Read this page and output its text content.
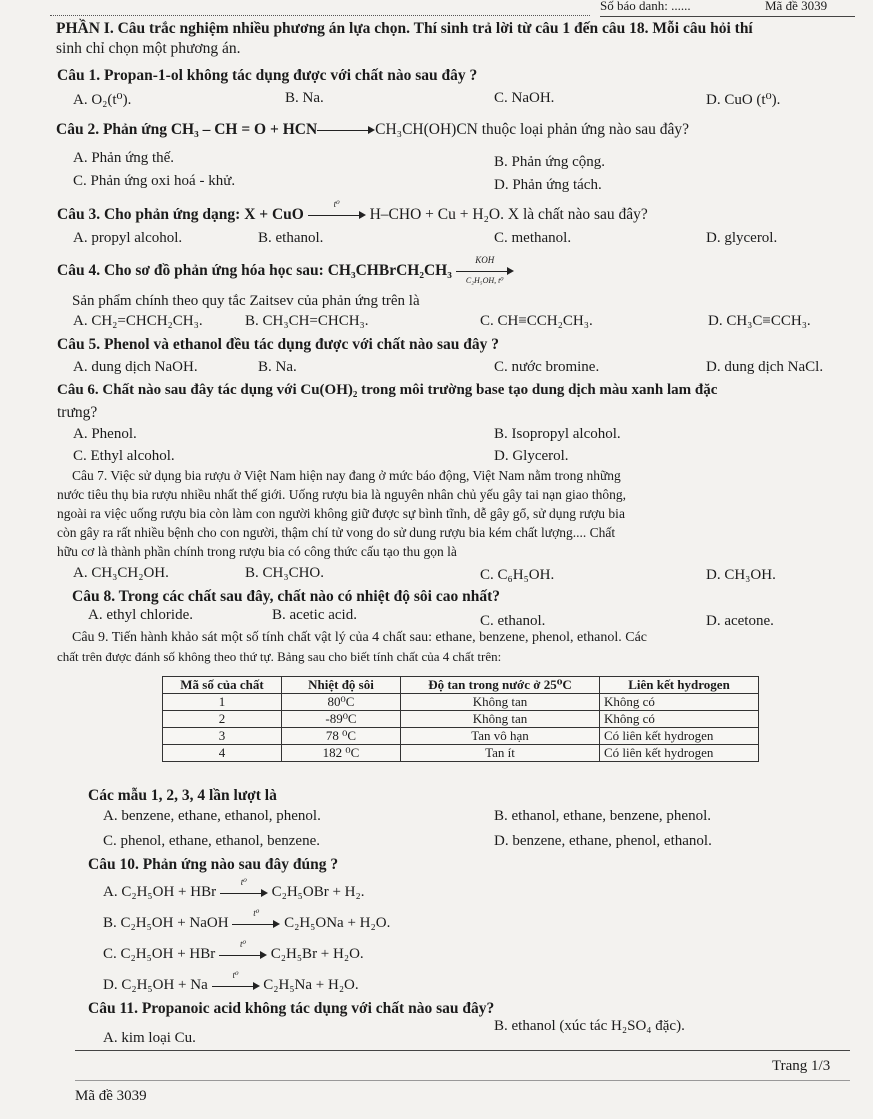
Số báo danh: ......	Mã đề 3039
PHẦN I. Câu trắc nghiệm nhiều phương án lựa chọn. Thí sinh trả lời từ câu 1 đến câu 18. Mỗi câu hỏi thí
sinh chỉ chọn một phương án.
Câu 1. Propan-1-ol không tác dụng được với chất nào sau đây ?
A. O₂(t⁰).	B. Na.	C. NaOH.	D. CuO (t⁰).
Câu 2. Phản ứng CH₃ – CH = O + HCN	CH₃CH(OH)CN thuộc loại phản ứng nào sau đây?
A. Phản ứng thế.	B. Phản ứng cộng.
C. Phản ứng oxi hoá - khử.	D. Phản ứng tách.
Câu 3. Cho phản ứng dạng: X + CuO
t⁰
H–CHO + Cu + H₂O. X là chất nào sau đây?
A. propyl alcohol.	B. ethanol.	C. methanol.	D. glycerol.
Câu 4. Cho sơ đồ phản ứng hóa học sau: CH₃CHBrCH₂CH₃
KOH
C₂H₅OH, t⁰
Sản phẩm chính theo quy tắc Zaitsev của phản ứng trên là
A. CH₂=CHCH₂CH₃.	B. CH₃CH=CHCH₃.	C. CH≡CCH₂CH₃.	D. CH₃C≡CCH₃.
Câu 5. Phenol và ethanol đều tác dụng được với chất nào sau đây ?
A. dung dịch NaOH.	B. Na.	C. nước bromine.	D. dung dịch NaCl.
Câu 6. Chất nào sau đây tác dụng với Cu(OH)₂ trong môi trường base tạo dung dịch màu xanh lam đặc
trưng?
A. Phenol.	B. Isopropyl alcohol.
C. Ethyl alcohol.	D. Glycerol.
Câu 7. Việc sử dụng bia rượu ở Việt Nam hiện nay đang ở mức báo động, Việt Nam nằm trong những
nước tiêu thụ bia rượu nhiều nhất thế giới. Uống rượu bia là nguyên nhân chủ yếu gây tai nạn giao thông,
ngoài ra việc uống rượu bia còn làm con người không giữ được sự bình tĩnh, dễ gây gổ, sử dụng rượu bia
còn gây ra rất nhiều bệnh cho con người, thậm chí tử vong do sử dung rượu bia kém chất lượng.... Chất
hữu cơ là thành phần chính trong rượu bia có công thức cấu tạo thu gọn là
A. CH₃CH₂OH.	B. CH₃CHO.	C. C₆H₅OH.	D. CH₃OH.
Câu 8. Trong các chất sau đây, chất nào có nhiệt độ sôi cao nhất?
A. ethyl chloride.	B. acetic acid.	C. ethanol.	D. acetone.
Câu 9. Tiến hành khảo sát một số tính chất vật lý của 4 chất sau: ethane, benzene, phenol, ethanol. Các
chất trên được đánh số không theo thứ tự. Bảng sau cho biết tính chất của 4 chất trên:
Mã số của chất	Nhiệt độ sôi	Độ tan trong nước ở 25⁰C	Liên kết hydrogen
1	80⁰C	Không tan	Không có
2	-89⁰C	Không tan	Không có
3	78 ⁰C	Tan vô hạn	Có liên kết hydrogen
4	182 ⁰C	Tan ít	Có liên kết hydrogen
Các mẫu 1, 2, 3, 4 lần lượt là
A. benzene, ethane, ethanol, phenol.	B. ethanol, ethane, benzene, phenol.
C. phenol, ethane, ethanol, benzene.	D. benzene, ethane, phenol, ethanol.
Câu 10. Phản ứng nào sau đây đúng ?
A. C₂H₅OH + HBr
t⁰
C₂H₅OBr + H₂.
B. C₂H₅OH + NaOH
t⁰
C₂H₅ONa + H₂O.
C. C₂H₅OH + HBr
t⁰
C₂H₅Br + H₂O.
D. C₂H₅OH + Na
t⁰
C₂H₅Na + H₂O.
Câu 11. Propanoic acid không tác dụng với chất nào sau đây?
B. ethanol (xúc tác H₂SO₄ đặc).
A. kim loại Cu.
Trang 1/3
Mã đề 3039
